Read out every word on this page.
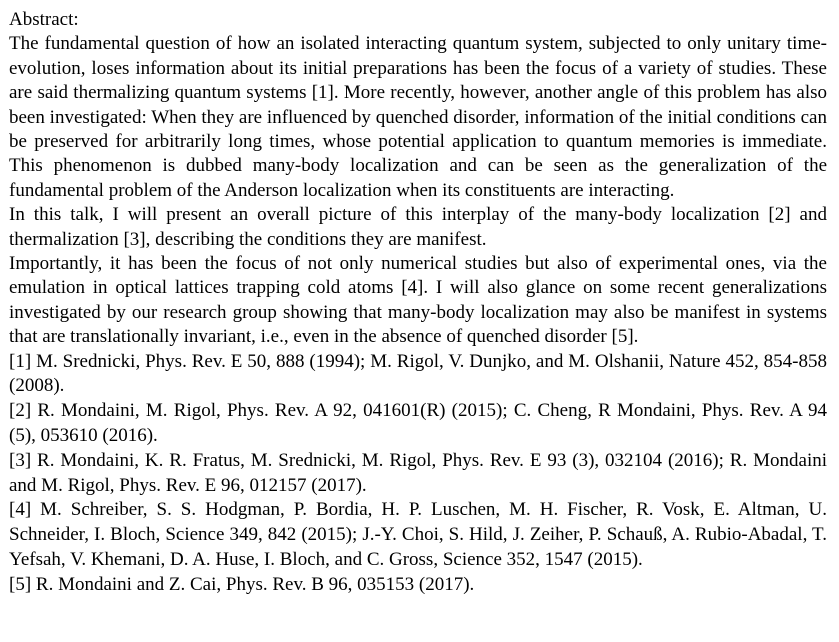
Abstract:

The fundamental question of how an isolated interacting quantum system, subjected to only unitary time-evolution, loses information about its initial preparations has been the focus of a variety of studies. These are said thermalizing quantum systems [1]. More recently, however, another angle of this problem has also been investigated: When they are influenced by quenched disorder, information of the initial conditions can be preserved for arbitrarily long times, whose potential application to quantum memories is immediate. This phenomenon is dubbed many-body localization and can be seen as the generalization of the fundamental problem of the Anderson localization when its constituents are interacting.

In this talk, I will present an overall picture of this interplay of the many-body localization [2] and thermalization [3], describing the conditions they are manifest.

Importantly, it has been the focus of not only numerical studies but also of experimental ones, via the emulation in optical lattices trapping cold atoms [4]. I will also glance on some recent generalizations investigated by our research group showing that many-body localization may also be manifest in systems that are translationally invariant, i.e., even in the absence of quenched disorder [5].

[1] M. Srednicki, Phys. Rev. E 50, 888 (1994); M. Rigol, V. Dunjko, and M. Olshanii, Nature 452, 854-858 (2008).

[2] R. Mondaini, M. Rigol, Phys. Rev. A 92, 041601(R) (2015); C. Cheng, R Mondaini, Phys. Rev. A 94 (5), 053610 (2016).

[3] R. Mondaini, K. R. Fratus, M. Srednicki, M. Rigol, Phys. Rev. E 93 (3), 032104 (2016); R. Mondaini and M. Rigol, Phys. Rev. E 96, 012157 (2017).

[4] M. Schreiber, S. S. Hodgman, P. Bordia, H. P. Luschen, M. H. Fischer, R. Vosk, E. Altman, U. Schneider, I. Bloch, Science 349, 842 (2015); J.-Y. Choi, S. Hild, J. Zeiher, P. Schauß, A. Rubio-Abadal, T. Yefsah, V. Khemani, D. A. Huse, I. Bloch, and C. Gross, Science 352, 1547 (2015).

[5] R. Mondaini and Z. Cai, Phys. Rev. B 96, 035153 (2017).
